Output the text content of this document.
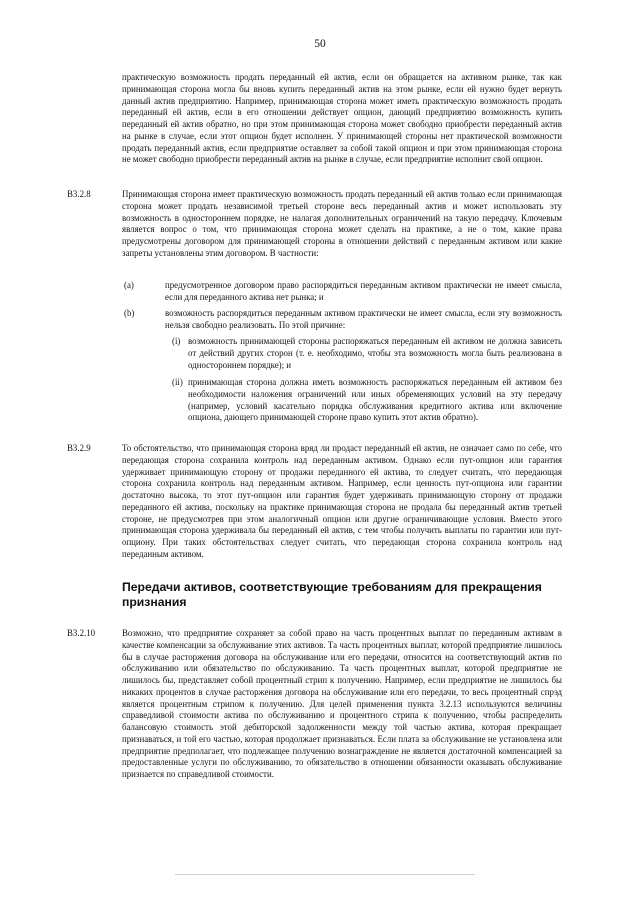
50
практическую возможность продать переданный ей актив, если он обращается на активном рынке, так как принимающая сторона могла бы вновь купить переданный актив на этом рынке, если ей нужно будет вернуть данный актив предприятию. Например, принимающая сторона может иметь практическую возможность продать переданный ей актив, если в его отношении действует опцион, дающий предприятию возможность купить переданный ей актив обратно, но при этом принимающая сторона может свободно приобрести переданный актив на рынке в случае, если этот опцион будет исполнен. У принимающей стороны нет практической возможности продать переданный актив, если предприятие оставляет за собой такой опцион и при этом принимающая сторона не может свободно приобрести переданный актив на рынке в случае, если предприятие исполнит свой опцион.
B3.2.8	Принимающая сторона имеет практическую возможность продать переданный ей актив только если принимающая сторона может продать независимой третьей стороне весь переданный актив и может использовать эту возможность в одностороннем порядке, не налагая дополнительных ограничений на такую передачу. Ключевым является вопрос о том, что принимающая сторона может сделать на практике, а не о том, какие права предусмотрены договором для принимающей стороны в отношении действий с переданным активом или какие запреты установлены этим договором. В частности:
(a)	предусмотренное договором право распорядиться переданным активом практически не имеет смысла, если для переданного актива нет рынка; и
(b)	возможность распорядиться переданным активом практически не имеет смысла, если эту возможность нельзя свободно реализовать. По этой причине:
(i) возможность принимающей стороны распоряжаться переданным ей активом не должна зависеть от действий других сторон (т. е. необходимо, чтобы эта возможность могла быть реализована в одностороннем порядке); и
(ii) принимающая сторона должна иметь возможность распоряжаться переданным ей активом без необходимости наложения ограничений или иных обременяющих условий на эту передачу (например, условий касательно порядка обслуживания кредитного актива или включение опциона, дающего принимающей стороне право купить этот актив обратно).
B3.2.9	То обстоятельство, что принимающая сторона вряд ли продаст переданный ей актив, не означает само по себе, что передающая сторона сохранила контроль над переданным активом. Однако если пут-опцион или гарантия удерживает принимающую сторону от продажи переданного ей актива, то следует считать, что передающая сторона сохранила контроль над переданным активом. Например, если ценность пут-опциона или гарантии достаточно высока, то этот пут-опцион или гарантия будет удерживать принимающую сторону от продажи переданного ей актива, поскольку на практике принимающая сторона не продала бы переданный актив третьей стороне, не предусмотрев при этом аналогичный опцион или другие ограничивающие условия. Вместо этого принимающая сторона удерживала бы переданный ей актив, с тем чтобы получить выплаты по гарантии или пут-опциону. При таких обстоятельствах следует считать, что передающая сторона сохранила контроль над переданным активом.
Передачи активов, соответствующие требованиям для прекращения признания
B3.2.10	Возможно, что предприятие сохраняет за собой право на часть процентных выплат по переданным активам в качестве компенсации за обслуживание этих активов. Та часть процентных выплат, которой предприятие лишилось бы в случае расторжения договора на обслуживание или его передачи, относится на соответствующий актив по обслуживанию или обязательство по обслуживанию. Та часть процентных выплат, которой предприятие не лишилось бы, представляет собой процентный стрип к получению. Например, если предприятие не лишилось бы никаких процентов в случае расторжения договора на обслуживание или его передачи, то весь процентный спрэд является процентным стрипом к получению. Для целей применения пункта 3.2.13 используются величины справедливой стоимости актива по обслуживанию и процентного стрипа к получению, чтобы распределить балансовую стоимость этой дебиторской задолженности между той частью актива, которая прекращает признаваться, и той его частью, которая продолжает признаваться. Если плата за обслуживание не установлена или предприятие предполагает, что подлежащее получению вознаграждение не является достаточной компенсацией за предоставленные услуги по обслуживанию, то обязательство в отношении обязанности оказывать обслуживание признается по справедливой стоимости.
